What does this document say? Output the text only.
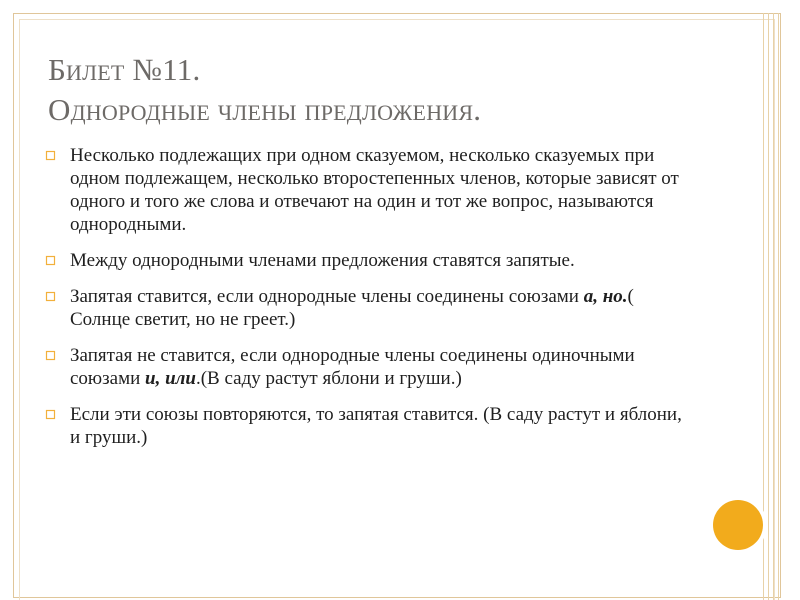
Билет №11.
Однородные члены предложения.
Несколько подлежащих при одном сказуемом, несколько сказуемых при одном подлежащем, несколько второстепенных членов, которые зависят от одного и того же слова и отвечают на один и тот же вопрос, называются однородными.
Между однородными членами предложения ставятся запятые.
Запятая ставится, если однородные члены соединены союзами а, но.( Солнце светит, но не греет.)
Запятая не ставится, если однородные члены соединены одиночными союзами и, или.(В саду растут яблони и груши.)
Если эти союзы повторяются, то запятая ставится. (В саду растут и яблони, и груши.)
